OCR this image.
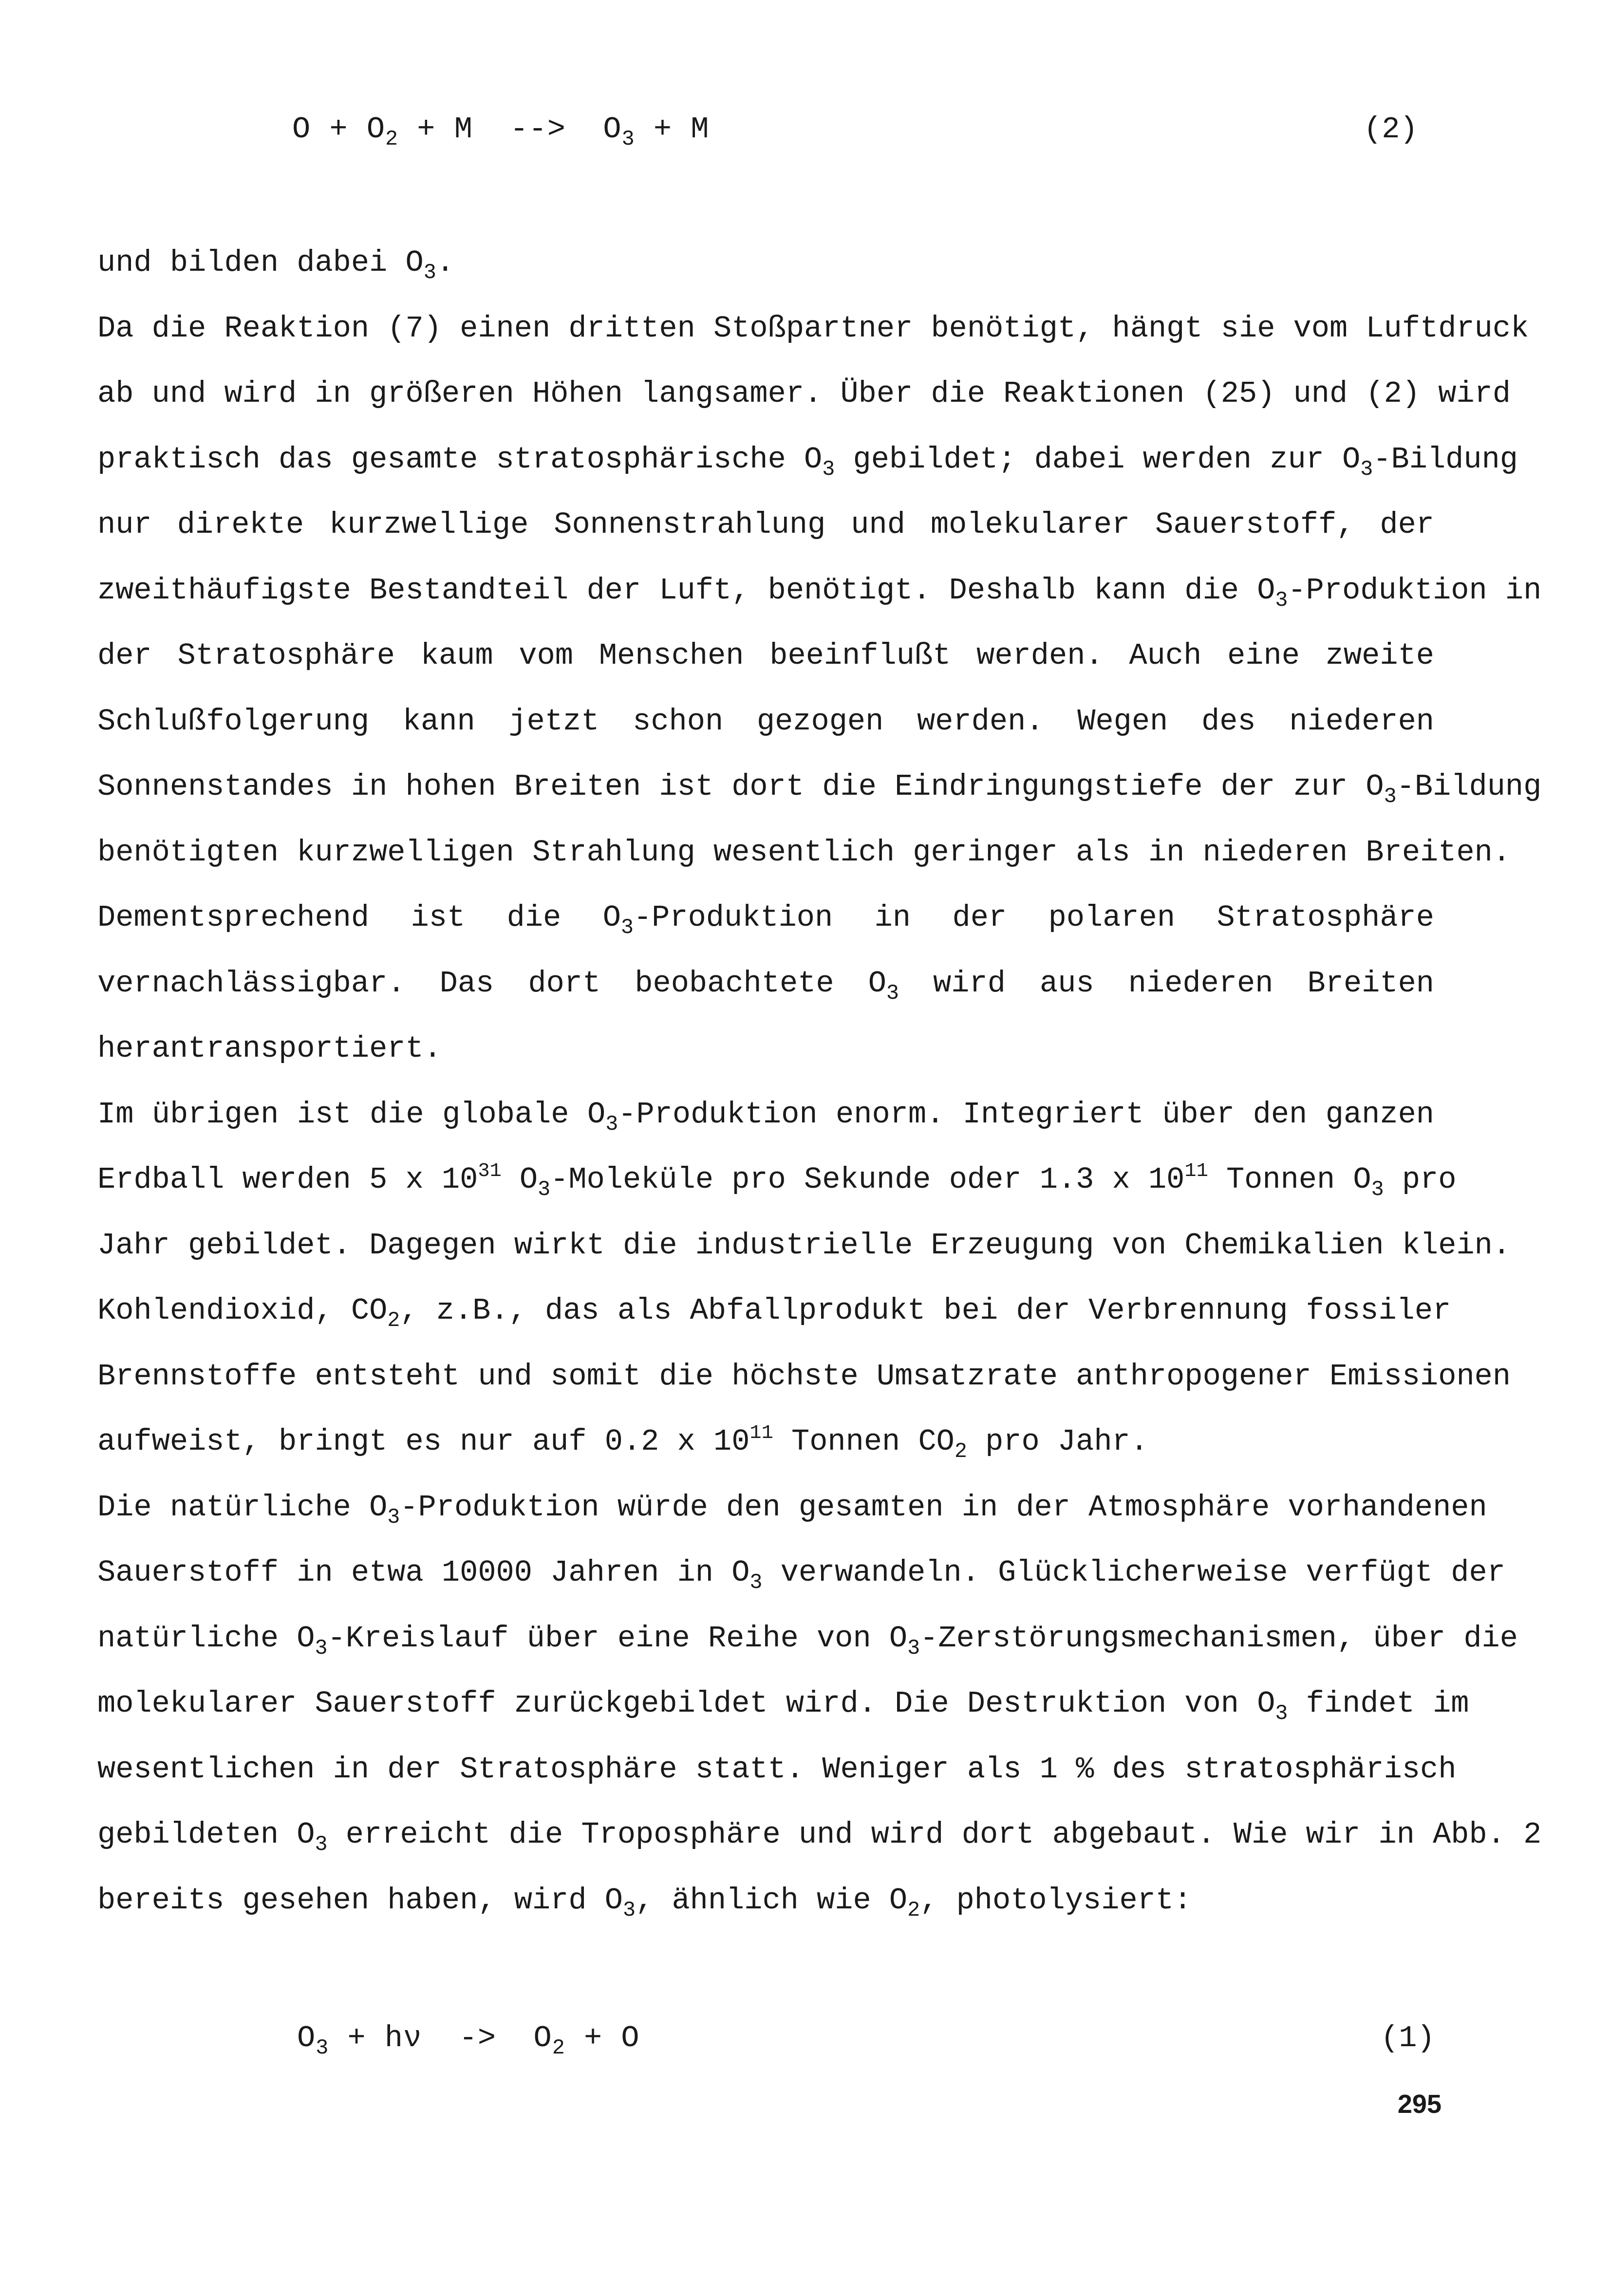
$O + O_2 + M$  -->  $O_3 + M$	(2)
und bilden dabei $O_3$.
Da die Reaktion (7) einen dritten Stoßpartner benötigt, hängt sie vom Luftdruck
ab und wird in größeren Höhen langsamer. Über die Reaktionen (25) und (2) wird
praktisch das gesamte stratosphärische $O_3$ gebildet; dabei werden zur $O_3$-Bildung
nur direkte kurzwellige Sonnenstrahlung und molekularer Sauerstoff, der
zweithäufigste Bestandteil der Luft, benötigt. Deshalb kann die $O_3$-Produktion in
der Stratosphäre kaum vom Menschen beeinflußt werden. Auch eine zweite
Schlußfolgerung kann jetzt schon gezogen werden. Wegen des niederen
Sonnenstandes in hohen Breiten ist dort die Eindringungstiefe der zur $O_3$-Bildung
benötigten kurzwelligen Strahlung wesentlich geringer als in niederen Breiten.
Dementsprechend ist die $O_3$-Produktion in der polaren Stratosphäre
vernachlässigbar. Das dort beobachtete $O_3$ wird aus niederen Breiten
herantransportiert.
Im übrigen ist die globale $O_3$-Produktion enorm. Integriert über den ganzen
Erdball werden 5 x $10^{31}$ $O_3$-Moleküle pro Sekunde oder 1.3 x $10^{11}$ Tonnen $O_3$ pro
Jahr gebildet. Dagegen wirkt die industrielle Erzeugung von Chemikalien klein.
Kohlendioxid, $CO_2$, z.B., das als Abfallprodukt bei der Verbrennung fossiler
Brennstoffe entsteht und somit die höchste Umsatzrate anthropogener Emissionen
aufweist, bringt es nur auf 0.2 x $10^{11}$ Tonnen $CO_2$ pro Jahr.
Die natürliche $O_3$-Produktion würde den gesamten in der Atmosphäre vorhandenen
Sauerstoff in etwa 10000 Jahren in $O_3$ verwandeln. Glücklicherweise verfügt der
natürliche $O_3$-Kreislauf über eine Reihe von $O_3$-Zerstörungsmechanismen, über die
molekularer Sauerstoff zurückgebildet wird. Die Destruktion von $O_3$ findet im
wesentlichen in der Stratosphäre statt. Weniger als 1 % des stratosphärisch
gebildeten $O_3$ erreicht die Troposphäre und wird dort abgebaut. Wie wir in Abb. 2
bereits gesehen haben, wird $O_3$, ähnlich wie $O_2$, photolysiert:
$O_3 + h\nu -> O_2 + O$	(1)
295
